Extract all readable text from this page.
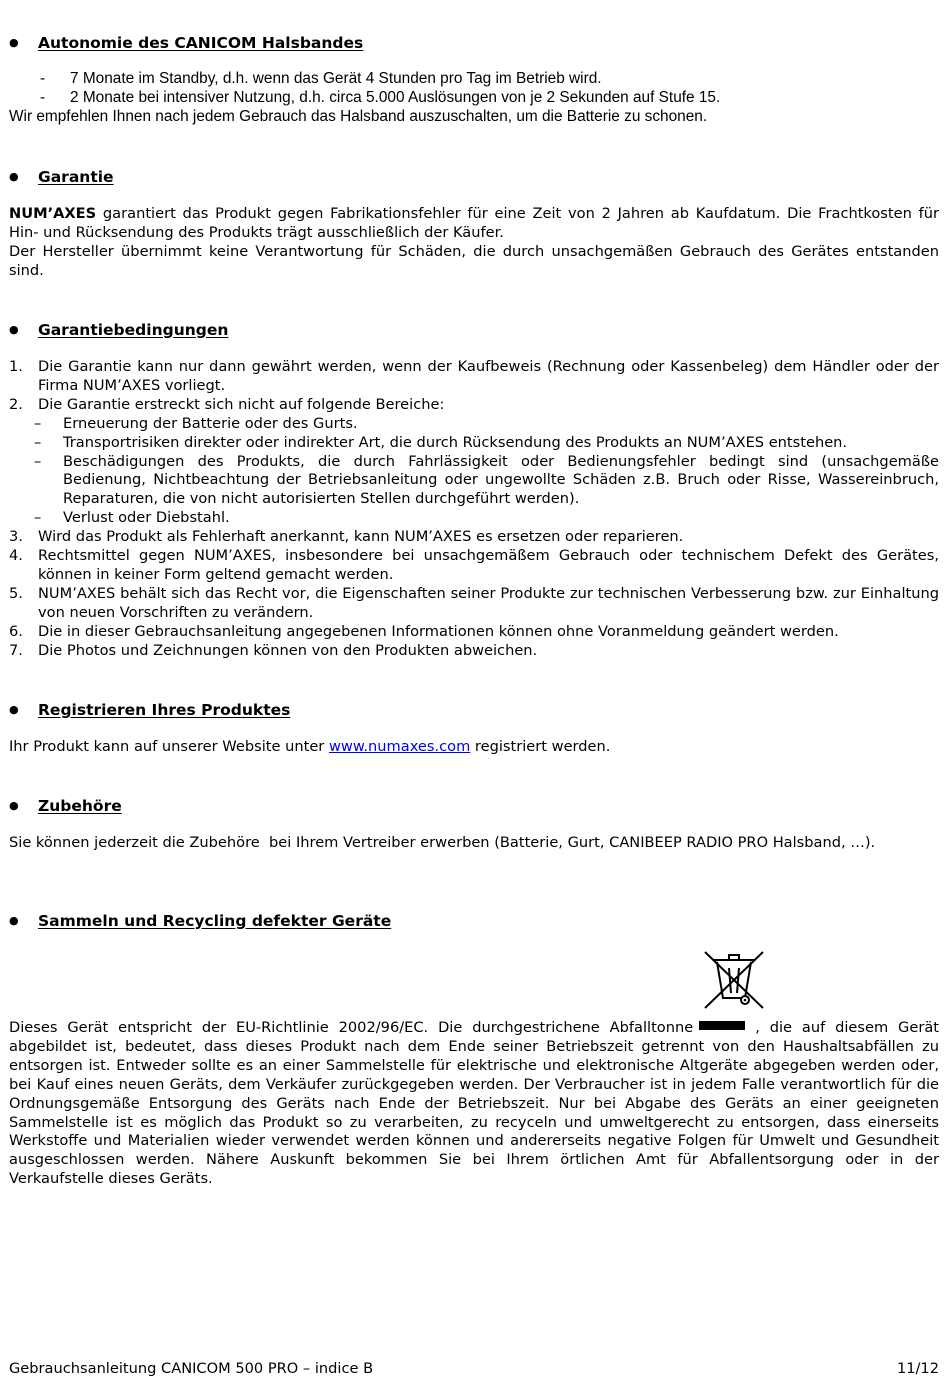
●	Autonomie des CANICOM Halsbandes
- 7 Monate im Standby, d.h. wenn das Gerät 4 Stunden pro Tag im Betrieb wird.
- 2 Monate bei intensiver Nutzung, d.h. circa 5.000 Auslösungen von je 2 Sekunden auf Stufe 15.
Wir empfehlen Ihnen nach jedem Gebrauch das Halsband auszuschalten, um die Batterie zu schonen.
●	Garantie
NUM’AXES garantiert das Produkt gegen Fabrikationsfehler für eine Zeit von 2 Jahren ab Kaufdatum. Die Frachtkosten für Hin- und Rücksendung des Produkts trägt ausschließlich der Käufer.
Der Hersteller übernimmt keine Verantwortung für Schäden, die durch unsachgemäßen Gebrauch des Gerätes entstanden sind.
●	Garantiebedingungen
1. Die Garantie kann nur dann gewährt werden, wenn der Kaufbeweis (Rechnung oder Kassenbeleg) dem Händler oder der Firma NUM’AXES vorliegt.
2. Die Garantie erstreckt sich nicht auf folgende Bereiche:
– Erneuerung der Batterie oder des Gurts.
– Transportrisiken direkter oder indirekter Art, die durch Rücksendung des Produkts an NUM’AXES entstehen.
– Beschädigungen des Produkts, die durch Fahrlässigkeit oder Bedienungsfehler bedingt sind (unsachgemäße Bedienung, Nichtbeachtung der Betriebsanleitung oder ungewollte Schäden z.B. Bruch oder Risse, Wassereinbruch, Reparaturen, die von nicht autorisierten Stellen durchgeführt werden).
– Verlust oder Diebstahl.
3. Wird das Produkt als Fehlerhaft anerkannt, kann NUM’AXES es ersetzen oder reparieren.
4. Rechtsmittel gegen NUM’AXES, insbesondere bei unsachgemäßem Gebrauch oder technischem Defekt des Gerätes, können in keiner Form geltend gemacht werden.
5. NUM’AXES behält sich das Recht vor, die Eigenschaften seiner Produkte zur technischen Verbesserung bzw. zur Einhaltung von neuen Vorschriften zu verändern.
6. Die in dieser Gebrauchsanleitung angegebenen Informationen können ohne Voranmeldung geändert werden.
7. Die Photos und Zeichnungen können von den Produkten abweichen.
●	Registrieren Ihres Produktes
Ihr Produkt kann auf unserer Website unter www.numaxes.com registriert werden.
●	Zubehöre
Sie können jederzeit die Zubehöre  bei Ihrem Vertreiber erwerben (Batterie, Gurt, CANIBEEP RADIO PRO Halsband, …).
●	Sammeln und Recycling defekter Geräte
Dieses Gerät entspricht der EU-Richtlinie 2002/96/EC. Die durchgestrichene Abfalltonne	, die auf diesem Gerät abgebildet ist, bedeutet, dass dieses Produkt nach dem Ende seiner Betriebszeit getrennt von den Haushaltsabfällen zu entsorgen ist. Entweder sollte es an einer Sammelstelle für elektrische und elektronische Altgeräte abgegeben werden oder, bei Kauf eines neuen Geräts, dem Verkäufer zurückgegeben werden. Der Verbraucher ist in jedem Falle verantwortlich für die Ordnungsgemäße Entsorgung des Geräts nach Ende der Betriebszeit. Nur bei Abgabe des Geräts an einer geeigneten Sammelstelle ist es möglich das Produkt so zu verarbeiten, zu recyceln und umweltgerecht zu entsorgen, dass einerseits Werkstoffe und Materialien wieder verwendet werden können und andererseits negative Folgen für Umwelt und Gesundheit ausgeschlossen werden. Nähere Auskunft bekommen Sie bei Ihrem örtlichen Amt für Abfallentsorgung oder in der Verkaufstelle dieses Geräts.
Gebrauchsanleitung CANICOM 500 PRO – indice B	11/12
